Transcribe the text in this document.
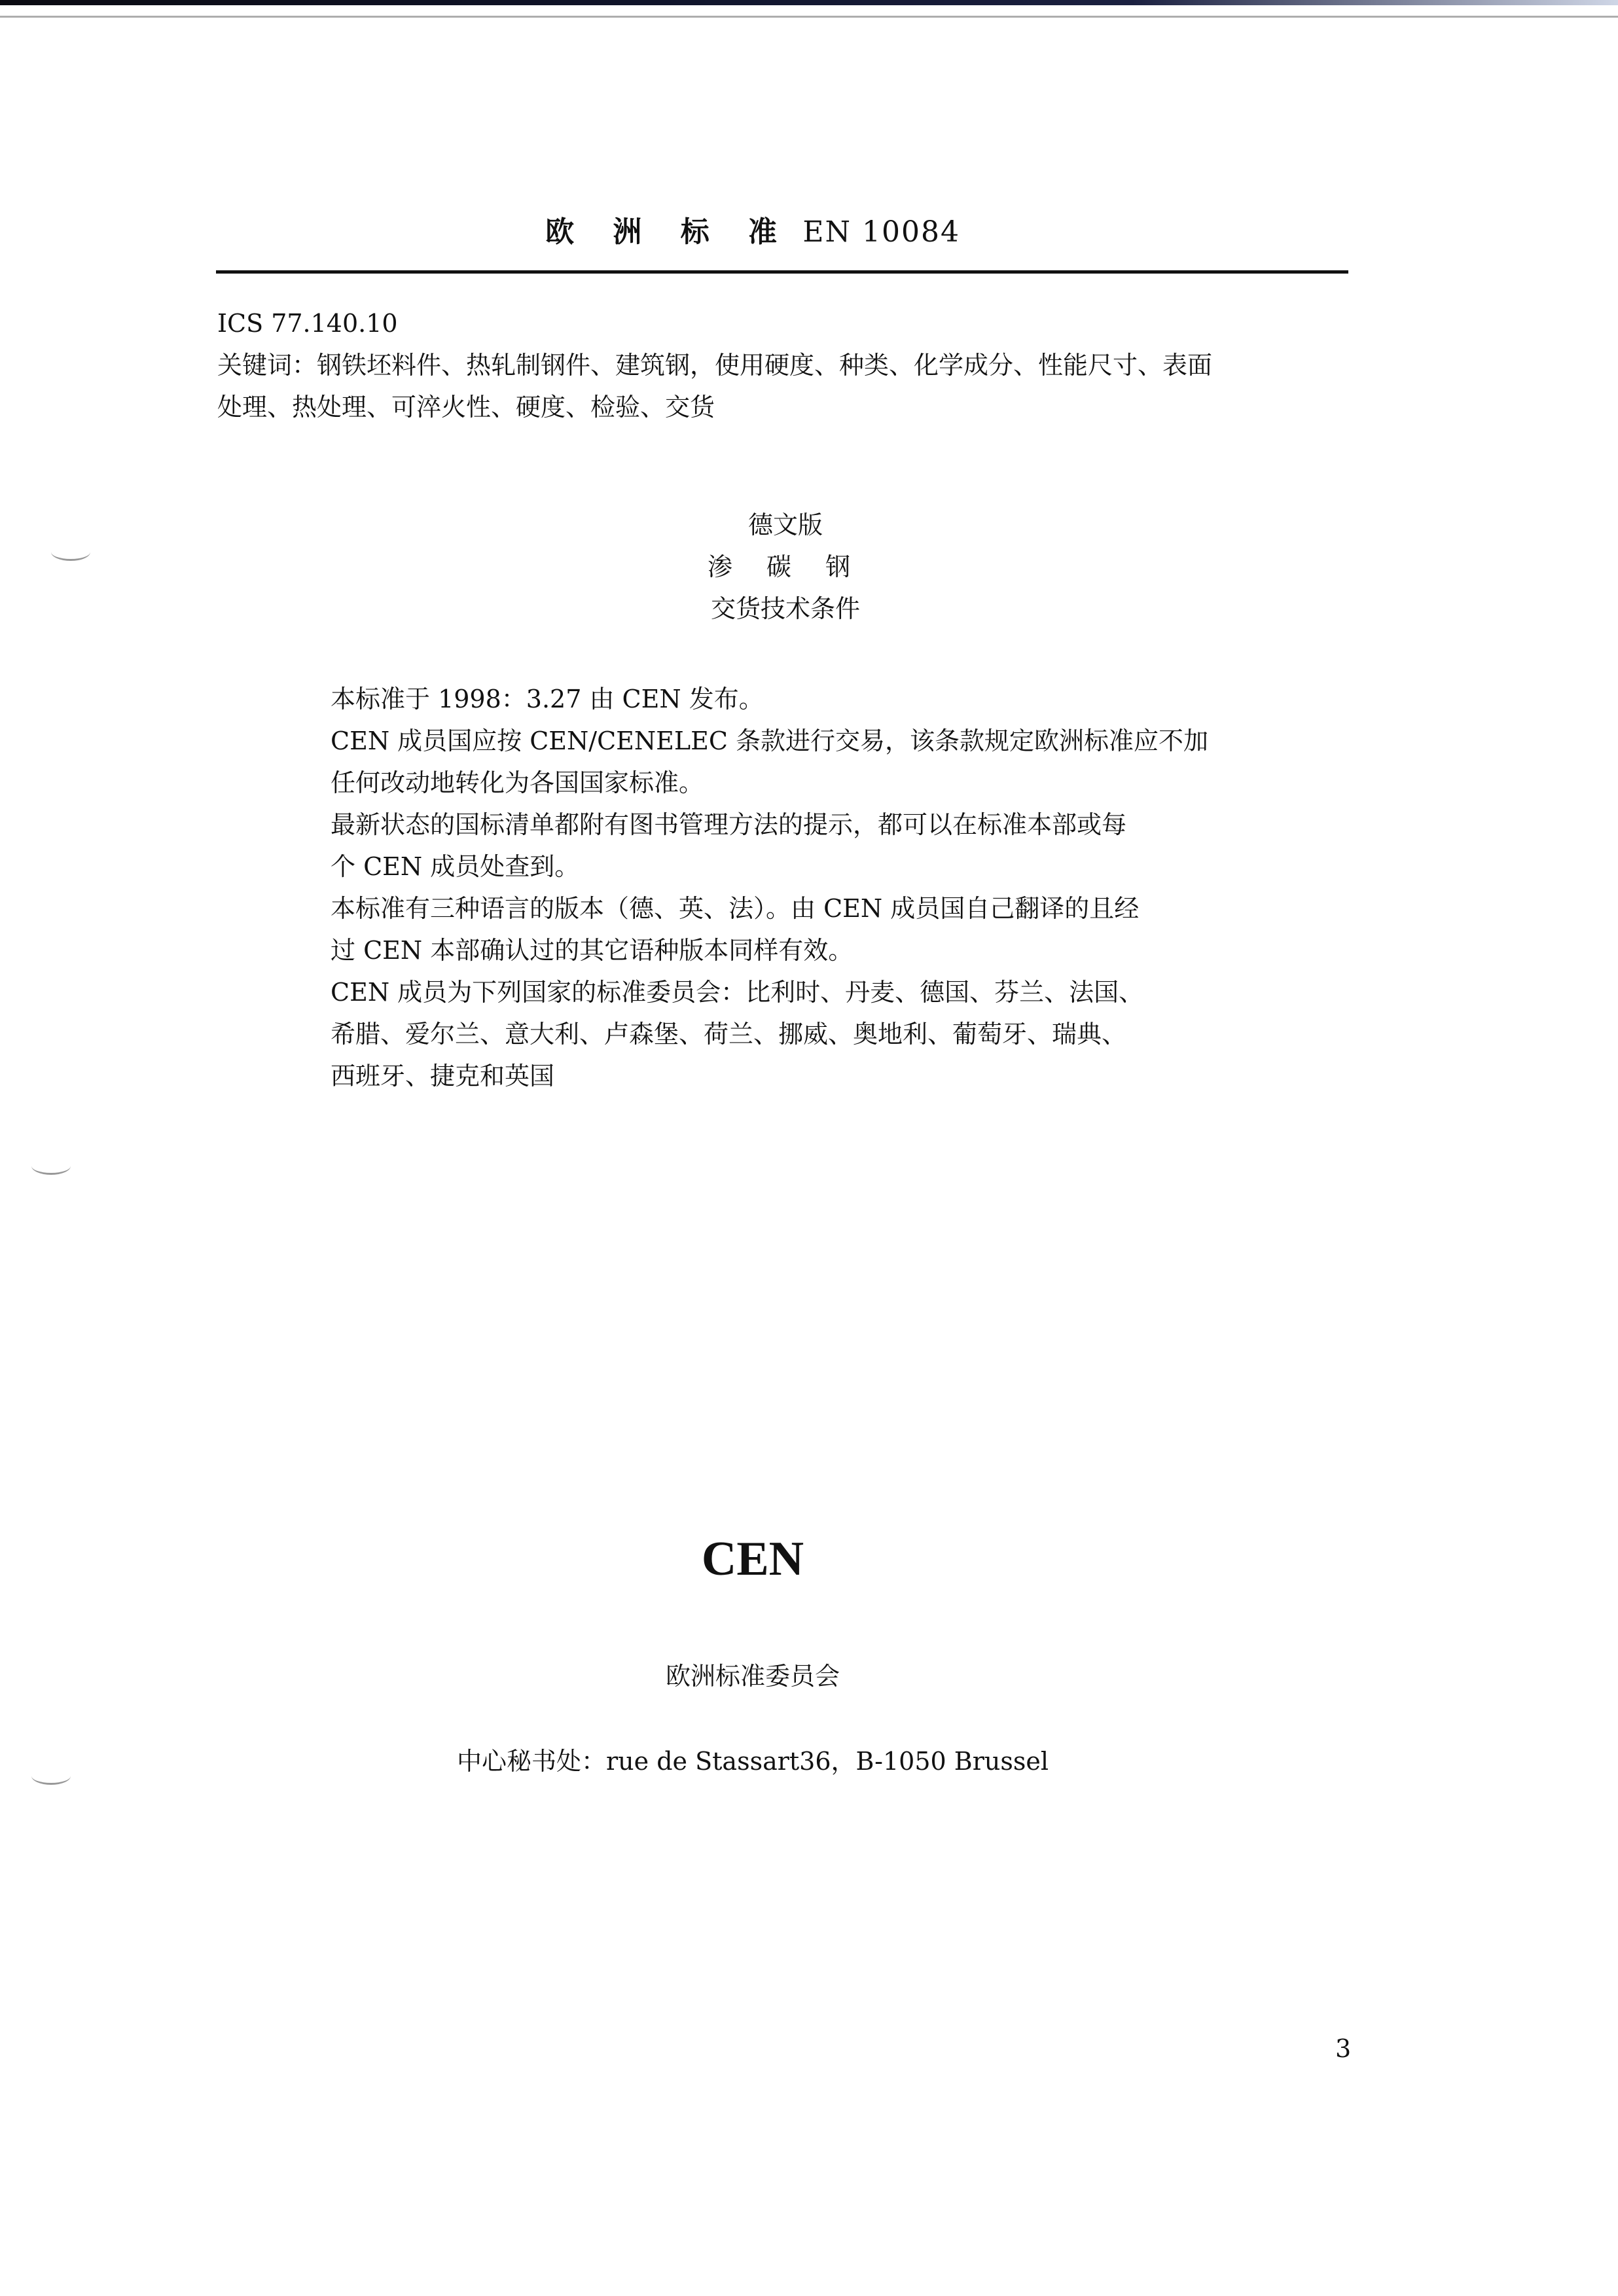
欧 洲 标 准 EN 10084
ICS 77.140.10
关键词：钢铁坯料件、热轧制钢件、建筑钢，使用硬度、种类、化学成分、性能尺寸、表面
处理、热处理、可淬火性、硬度、检验、交货
德文版
渗 碳 钢
交货技术条件

本标准于 1998：3.27 由 CEN 发布。

CEN 成员国应按 CEN/CENELEC 条款进行交易，该条款规定欧洲标准应不加

任何改动地转化为各国国家标准。

最新状态的国标清单都附有图书管理方法的提示，都可以在标准本部或每

个 CEN 成员处查到。

本标准有三种语言的版本（德、英、法）。由 CEN 成员国自己翻译的且经

过 CEN 本部确认过的其它语种版本同样有效。

CEN 成员为下列国家的标准委员会：比利时、丹麦、德国、芬兰、法国、

希腊、爱尔兰、意大利、卢森堡、荷兰、挪威、奥地利、葡萄牙、瑞典、

西班牙、捷克和英国

CEN
欧洲标准委员会
中心秘书处：rue de Stassart36，B-1050 Brussel
3
